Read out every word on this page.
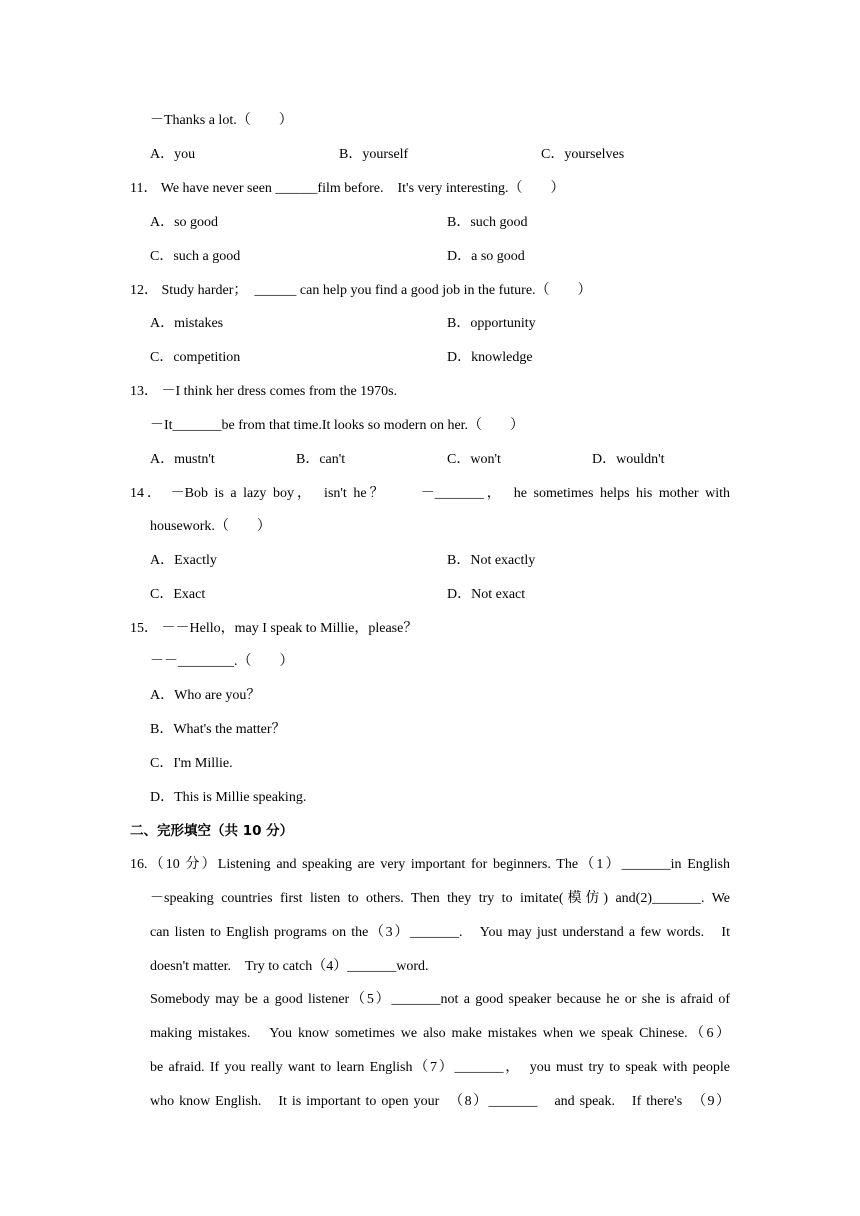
－Thanks a lot.（　　）
A．you	B．yourself	C．yourselves
11． We have never seen ______film before.　It's very interesting.（　　）
A．so good	B．such good
C．such a good	D．a so good
12． Study harder；　______ can help you find a good job in the future.（　　）
A．mistakes	B．opportunity
C．competition	D．knowledge
13． －I think her dress comes from the 1970s.
－It_______be from that time.It looks so modern on her.（　　）
A．mustn't	B．can't	C．won't	D．wouldn't
14． －Bob is a lazy boy，　isn't he？　　－_______，　he sometimes helps his mother with
housework.（　　）
A．Exactly	B．Not exactly
C．Exact	D．Not exact
15． －－Hello，may I speak to Millie，please？
－－________.（　　）
A．Who are you？
B．What's the matter？
C．I'm Millie.
D．This is Millie speaking.
二、完形填空（共 10 分）
16.（10 分）Listening and speaking are very important for beginners. The（1）_______in English
－speaking countries first listen to others. Then they try to imitate(模仿) and(2)_______. We
can listen to English programs on the（3）_______.　You may just understand a few words.　It
doesn't matter.　Try to catch（4）_______word.
Somebody may be a good listener（5）_______not a good speaker because he or she is afraid of
making mistakes.　You know sometimes we also make mistakes when we speak Chinese.（6）
be afraid. If you really want to learn English（7）_______，　you must try to speak with people
who know English.　It is important to open your　（8）_______　and speak.　If there's　（9）
